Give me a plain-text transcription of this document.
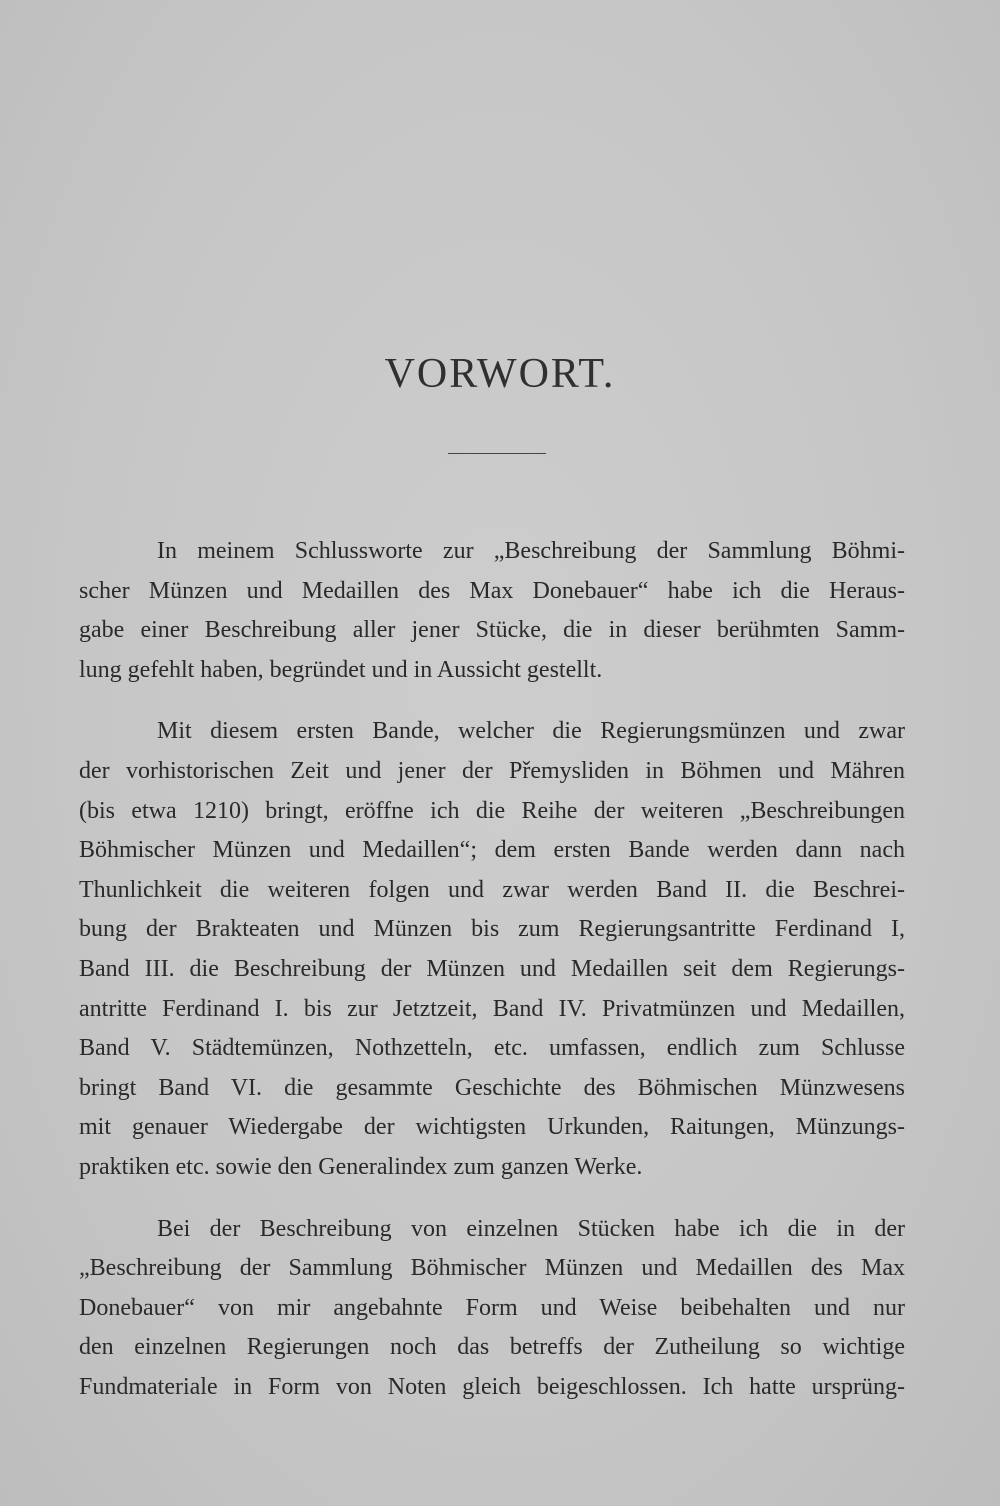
VORWORT.
In meinem Schlussworte zur „Beschreibung der Sammlung Böhmi-
scher Münzen und Medaillen des Max Donebauer“ habe ich die Heraus-
gabe einer Beschreibung aller jener Stücke, die in dieser berühmten Samm-
lung gefehlt haben, begründet und in Aussicht gestellt.
Mit diesem ersten Bande, welcher die Regierungsmünzen und zwar
der vorhistorischen Zeit und jener der Přemysliden in Böhmen und Mähren
(bis etwa 1210) bringt, eröffne ich die Reihe der weiteren „Beschreibungen
Böhmischer Münzen und Medaillen“; dem ersten Bande werden dann nach
Thunlichkeit die weiteren folgen und zwar werden Band II. die Beschrei-
bung der Brakteaten und Münzen bis zum Regierungsantritte Ferdinand I,
Band III. die Beschreibung der Münzen und Medaillen seit dem Regierungs-
antritte Ferdinand I. bis zur Jetztzeit, Band IV. Privatmünzen und Medaillen,
Band V. Städtemünzen, Nothzetteln, etc. umfassen, endlich zum Schlusse
bringt Band VI. die gesammte Geschichte des Böhmischen Münzwesens
mit genauer Wiedergabe der wichtigsten Urkunden, Raitungen, Münzungs-
praktiken etc. sowie den Generalindex zum ganzen Werke.
Bei der Beschreibung von einzelnen Stücken habe ich die in der
„Beschreibung der Sammlung Böhmischer Münzen und Medaillen des Max
Donebauer“ von mir angebahnte Form und Weise beibehalten und nur
den einzelnen Regierungen noch das betreffs der Zutheilung so wichtige
Fundmateriale in Form von Noten gleich beigeschlossen. Ich hatte ursprüng-
